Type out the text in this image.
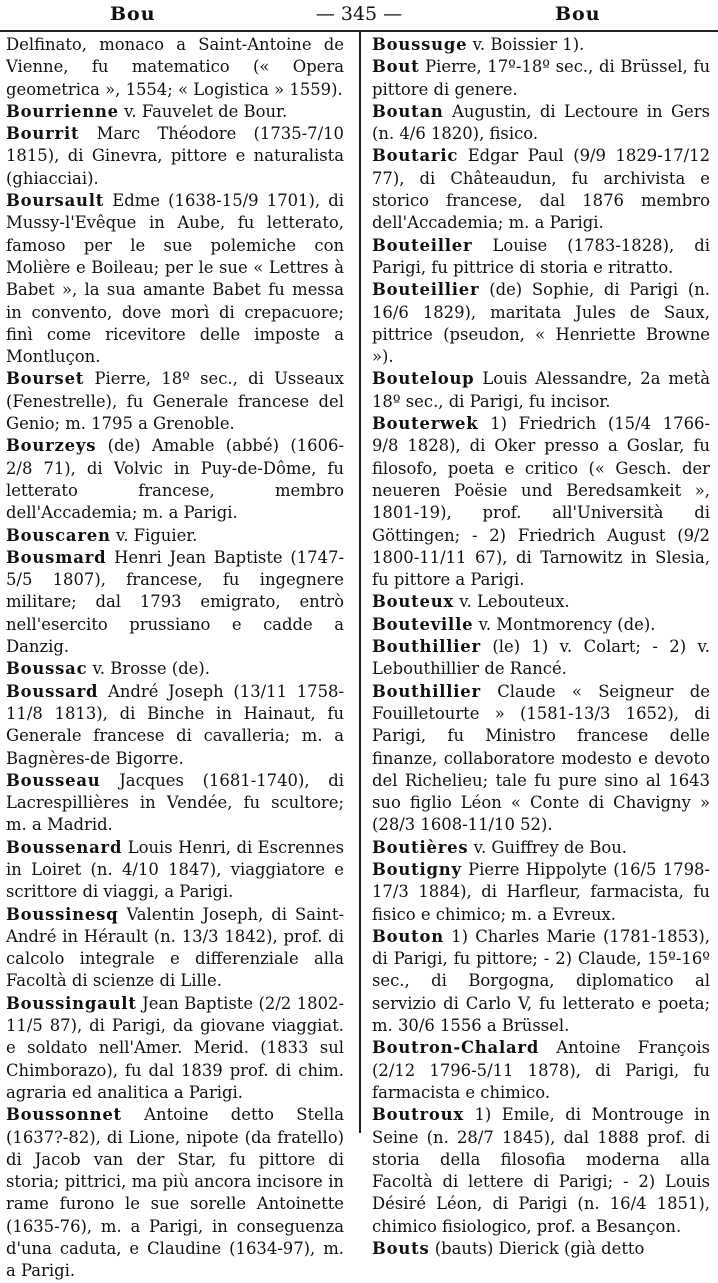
Bou	— 345 —	Bou

Delfinato, monaco a Saint-Antoine de Vienne, fu matematico (« Opera geometrica », 1554; « Logistica » 1559).

Bourrienne v. Fauvelet de Bour.

Bourrit Marc Théodore (1735-7/10 1815), di Ginevra, pittore e naturalista (ghiacciai).

Boursault Edme (1638-15/9 1701), di Mussy-l'Evêque in Aube, fu letterato, famoso per le sue polemiche con Molière e Boileau; per le sue « Lettres à Babet », la sua amante Babet fu messa in convento, dove morì di crepacuore; finì come ricevitore delle imposte a Montluçon.

Bourset Pierre, 18º sec., di Usseaux (Fenestrelle), fu Generale francese del Genio; m. 1795 a Grenoble.

Bourzeys (de) Amable (abbé) (1606-2/8 71), di Volvic in Puy-de-Dôme, fu letterato francese, membro dell'Accademia; m. a Parigi.

Bouscaren v. Figuier.

Bousmard Henri Jean Baptiste (1747-5/5 1807), francese, fu ingegnere militare; dal 1793 emigrato, entrò nell'esercito prussiano e cadde a Danzig.

Boussac v. Brosse (de).

Boussard André Joseph (13/11 1758-11/8 1813), di Binche in Hainaut, fu Generale francese di cavalleria; m. a Bagnères-de Bigorre.

Bousseau Jacques (1681-1740), di Lacrespillières in Vendée, fu scultore; m. a Madrid.

Boussenard Louis Henri, di Escrennes in Loiret (n. 4/10 1847), viaggiatore e scrittore di viaggi, a Parigi.

Boussinesq Valentin Joseph, di Saint-André in Hérault (n. 13/3 1842), prof. di calcolo integrale e differenziale alla Facoltà di scienze di Lille.

Boussingault Jean Baptiste (2/2 1802-11/5 87), di Parigi, da giovane viaggiat. e soldato nell'Amer. Merid. (1833 sul Chimborazo), fu dal 1839 prof. di chim. agraria ed analitica a Parigi.

Boussonnet Antoine detto Stella (1637?-82), di Lione, nipote (da fratello) di Jacob van der Star, fu pittore di storia; pittrici, ma più ancora incisore in rame furono le sue sorelle Antoinette (1635-76), m. a Parigi, in conseguenza d'una caduta, e Claudine (1634-97), m. a Parigi.

Boussuge v. Boissier 1).

Bout Pierre, 17º-18º sec., di Brüssel, fu pittore di genere.

Boutan Augustin, di Lectoure in Gers (n. 4/6 1820), fisico.

Boutaric Edgar Paul (9/9 1829-17/12 77), di Châteaudun, fu archivista e storico francese, dal 1876 membro dell'Accademia; m. a Parigi.

Bouteiller Louise (1783-1828), di Parigi, fu pittrice di storia e ritratto.

Bouteillier (de) Sophie, di Parigi (n. 16/6 1829), maritata Jules de Saux, pittrice (pseudon, « Henriette Browne »).

Bouteloup Louis Alessandre, 2a metà 18º sec., di Parigi, fu incisor.

Bouterwek 1) Friedrich (15/4 1766-9/8 1828), di Oker presso a Goslar, fu filosofo, poeta e critico (« Gesch. der neueren Poësie und Beredsamkeit », 1801-19), prof. all'Università di Göttingen; - 2) Friedrich August (9/2 1800-11/11 67), di Tarnowitz in Slesia, fu pittore a Parigi.

Bouteux v. Lebouteux.

Bouteville v. Montmorency (de).

Bouthillier (le) 1) v. Colart; - 2) v. Lebouthillier de Rancé.

Bouthillier Claude « Seigneur de Fouilletourte » (1581-13/3 1652), di Parigi, fu Ministro francese delle finanze, collaboratore modesto e devoto del Richelieu; tale fu pure sino al 1643 suo figlio Léon « Conte di Chavigny » (28/3 1608-11/10 52).

Boutières v. Guiffrey de Bou.

Boutigny Pierre Hippolyte (16/5 1798-17/3 1884), di Harfleur, farmacista, fu fisico e chimico; m. a Evreux.

Bouton 1) Charles Marie (1781-1853), di Parigi, fu pittore; - 2) Claude, 15º-16º sec., di Borgogna, diplomatico al servizio di Carlo V, fu letterato e poeta; m. 30/6 1556 a Brüssel.

Boutron-Chalard Antoine François (2/12 1796-5/11 1878), di Parigi, fu farmacista e chimico.

Boutroux 1) Emile, di Montrouge in Seine (n. 28/7 1845), dal 1888 prof. di storia della filosofia moderna alla Facoltà di lettere di Parigi; - 2) Louis Désiré Léon, di Parigi (n. 16/4 1851), chimico fisiologico, prof. a Besançon.

Bouts (bauts) Dierick (già detto
